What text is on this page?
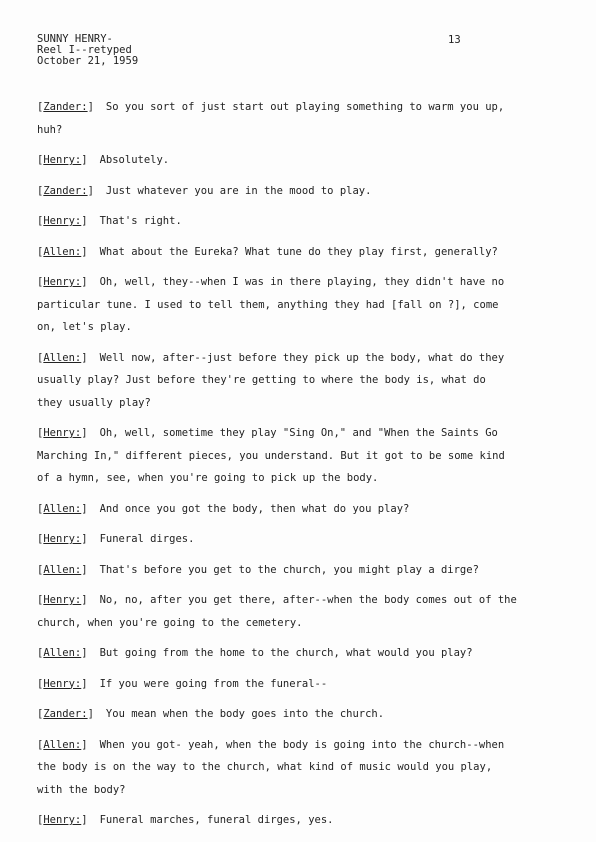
SUNNY HENRY-
Reel I--retyped
October 21, 1959
13
[Zander:] So you sort of just start out playing something to warm you up, huh?
[Henry:] Absolutely.
[Zander:] Just whatever you are in the mood to play.
[Henry:] That's right.
[Allen:] What about the Eureka? What tune do they play first, generally?
[Henry:] Oh, well, they--when I was in there playing, they didn't have no particular tune. I used to tell them, anything they had [fall on ?], come on, let's play.
[Allen:] Well now, after--just before they pick up the body, what do they usually play? Just before they're getting to where the body is, what do they usually play?
[Henry:] Oh, well, sometime they play "Sing On," and "When the Saints Go Marching In," different pieces, you understand. But it got to be some kind of a hymn, see, when you're going to pick up the body.
[Allen:] And once you got the body, then what do you play?
[Henry:] Funeral dirges.
[Allen:] That's before you get to the church, you might play a dirge?
[Henry:] No, no, after you get there, after--when the body comes out of the church, when you're going to the cemetery.
[Allen:] But going from the home to the church, what would you play?
[Henry:] If you were going from the funeral--
[Zander:] You mean when the body goes into the church.
[Allen:] When you got- yeah, when the body is going into the church--when the body is on the way to the church, what kind of music would you play, with the body?
[Henry:] Funeral marches, funeral dirges, yes.
